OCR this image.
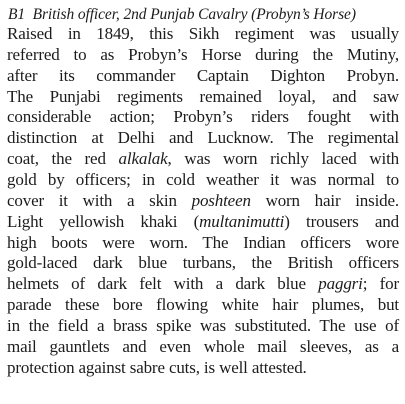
B1 British officer, 2nd Punjab Cavalry (Probyn’s Horse)
Raised in 1849, this Sikh regiment was usually
referred to as Probyn’s Horse during the Mutiny,
after its commander Captain Dighton Probyn.
The Punjabi regiments remained loyal, and saw
considerable action; Probyn’s riders fought with
distinction at Delhi and Lucknow. The regimental
coat, the red alkalak, was worn richly laced with
gold by officers; in cold weather it was normal to
cover it with a skin poshteen worn hair inside.
Light yellowish khaki (multanimutti) trousers and
high boots were worn. The Indian officers wore
gold-laced dark blue turbans, the British officers
helmets of dark felt with a dark blue paggri; for
parade these bore flowing white hair plumes, but
in the field a brass spike was substituted. The use of
mail gauntlets and even whole mail sleeves, as a
protection against sabre cuts, is well attested.
